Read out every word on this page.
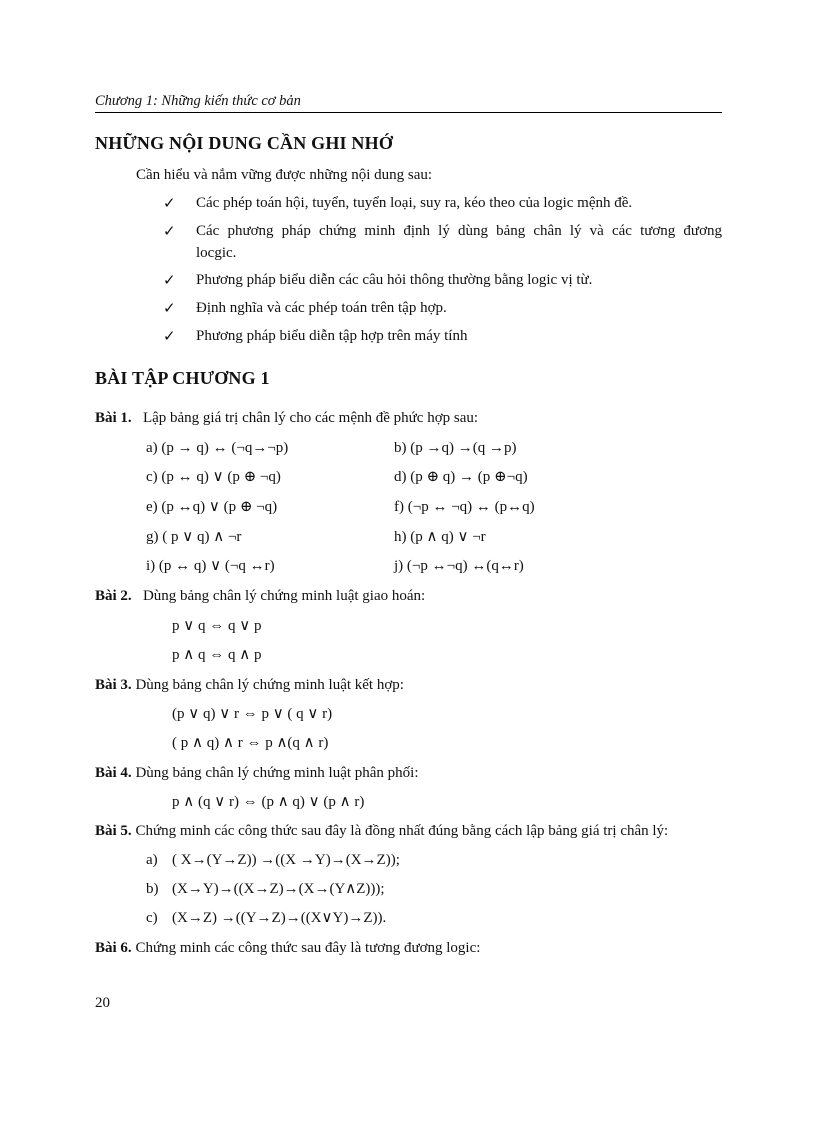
Chương 1: Những kiến thức cơ bản
NHỮNG NỘI DUNG CẦN GHI NHỚ
Cần hiểu và nắm vững được những nội dung sau:
✓ Các phép toán hội, tuyển, tuyển loại, suy ra, kéo theo của logic mệnh đề.
✓ Các phương pháp chứng minh định lý dùng bảng chân lý và các tương đương
locgic.
✓ Phương pháp biểu diễn các câu hỏi thông thường bằng logic vị từ.
✓ Định nghĩa và các phép toán trên tập hợp.
✓ Phương pháp biểu diễn tập hợp trên máy tính
BÀI TẬP CHƯƠNG 1
Bài 1. Lập bảng giá trị chân lý cho các mệnh đề phức hợp sau:
a) (p → q) ↔ (¬q→¬p)	b) (p →q) →(q →p)
c) (p ↔ q) ∨ (p ⊕ ¬q)	d) (p ⊕ q) → (p ⊕¬q)
e) (p ↔q) ∨ (p ⊕ ¬q)	f) (¬p ↔ ¬q) ↔ (p↔q)
g) ( p ∨ q) ∧ ¬r	h) (p ∧ q) ∨ ¬r
i) (p ↔ q) ∨ (¬q ↔r)	j) (¬p ↔¬q) ↔(q↔r)
Bài 2. Dùng bảng chân lý chứng minh luật giao hoán:
p ∨ q ⇔ q ∨ p
p ∧ q ⇔ q ∧ p
Bài 3. Dùng bảng chân lý chứng minh luật kết hợp:
(p ∨ q) ∨ r ⇔ p ∨ ( q ∨ r)
( p ∧ q) ∧ r ⇔ p ∧(q ∧ r)
Bài 4. Dùng bảng chân lý chứng minh luật phân phối:
p ∧ (q ∨ r) ⇔ (p ∧ q) ∨ (p ∧ r)
Bài 5. Chứng minh các công thức sau đây là đồng nhất đúng bằng cách lập bảng giá trị chân lý:
a) ( X→(Y→Z)) →((X →Y)→(X→Z));
b) (X→Y)→((X→Z)→(X→(Y∧Z)));
c) (X→Z) →((Y→Z)→((X∨Y)→Z)).
Bài 6. Chứng minh các công thức sau đây là tương đương logic:
20
